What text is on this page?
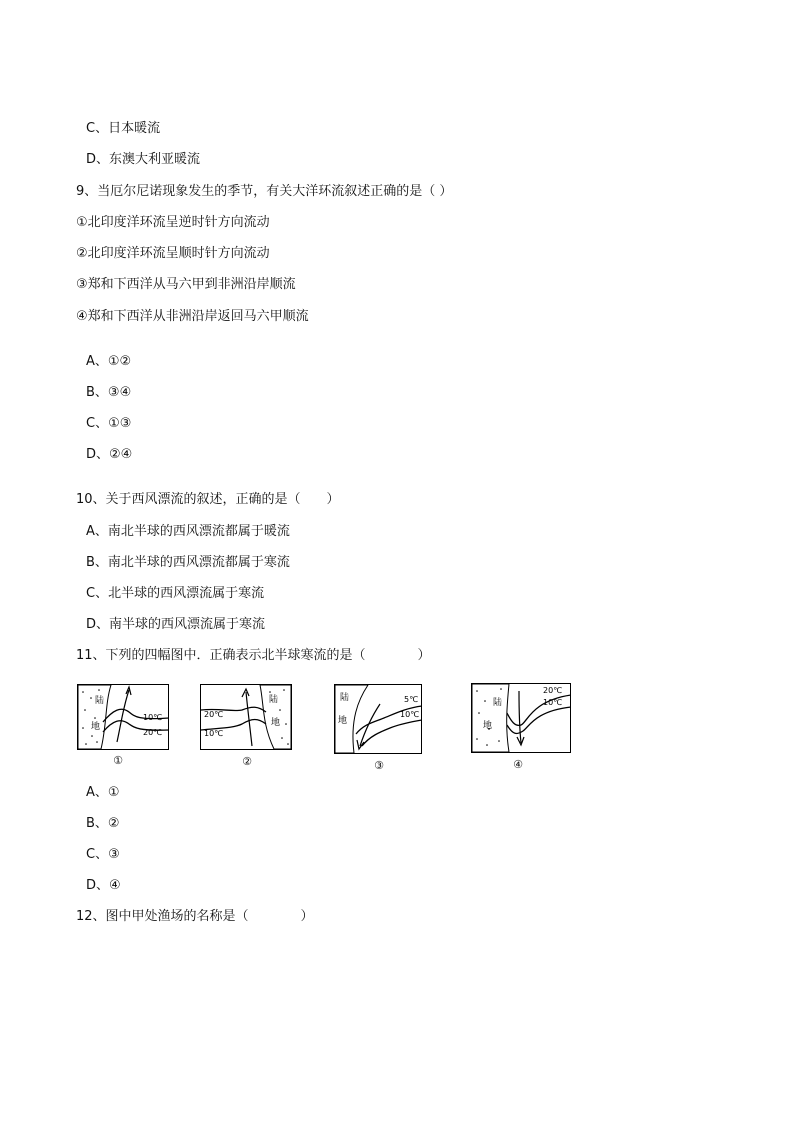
C、日本暖流
D、东澳大利亚暖流
9、当厄尔尼诺现象发生的季节，有关大洋环流叙述正确的是（ ）
①北印度洋环流呈逆时针方向流动
②北印度洋环流呈顺时针方向流动
③郑和下西洋从马六甲到非洲沿岸顺流
④郑和下西洋从非洲沿岸返回马六甲顺流
A、①②
B、③④
C、①③
D、②④
10、关于西风漂流的叙述，正确的是（　　）
A、南北半球的西风漂流都属于暖流
B、南北半球的西风漂流都属于寒流
C、北半球的西风漂流属于寒流
D、南半球的西风漂流属于寒流
11、下列的四幅图中．正确表示北半球寒流的是（　　　　）
陆
地
10℃
20℃
①
陆
地
20℃
10℃
②
陆
地
5℃
10℃
③
陆
地
20℃
10℃
④
A、①
B、②
C、③
D、④
12、图中甲处渔场的名称是（　　　　）
